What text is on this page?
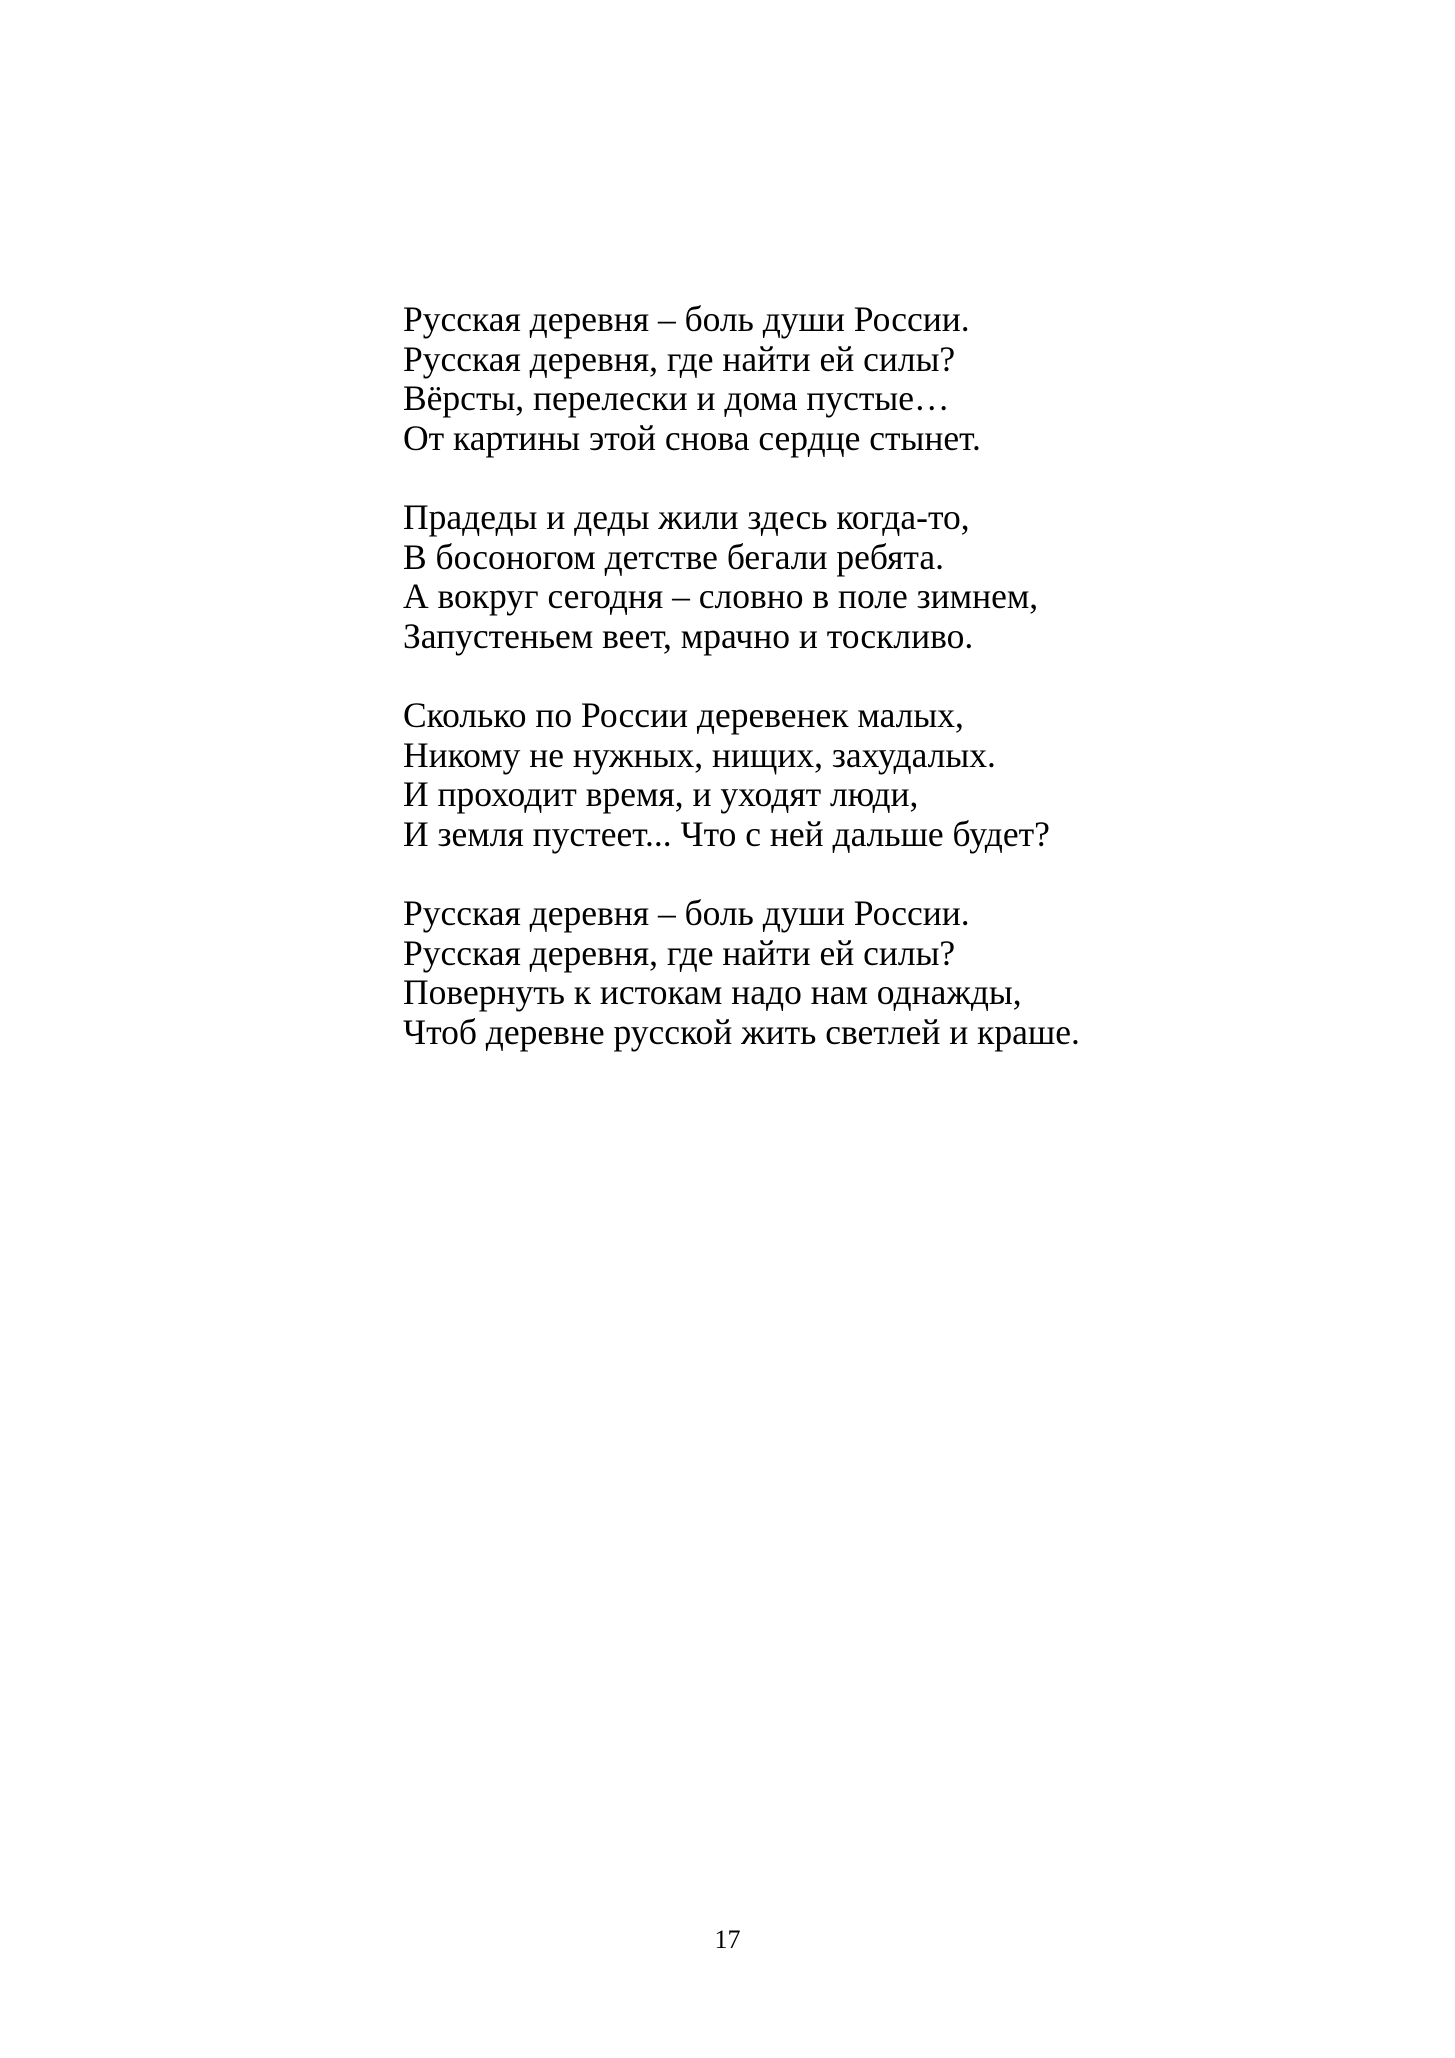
Русская деревня – боль души России.
Русская деревня, где найти ей силы?
Вёрсты, перелески и дома пустые…
От картины этой снова сердце стынет.
Прадеды и деды жили здесь когда-то,
В босоногом детстве бегали ребята.
А вокруг сегодня – словно в поле зимнем,
Запустеньем веет, мрачно и тоскливо.
Сколько по России деревенек малых,
Никому не нужных, нищих, захудалых.
И проходит время, и уходят люди,
И земля пустеет... Что с ней дальше будет?
Русская деревня – боль души России.
Русская деревня, где найти ей силы?
Повернуть к истокам надо нам однажды,
Чтоб деревне русской жить светлей и краше.
17
